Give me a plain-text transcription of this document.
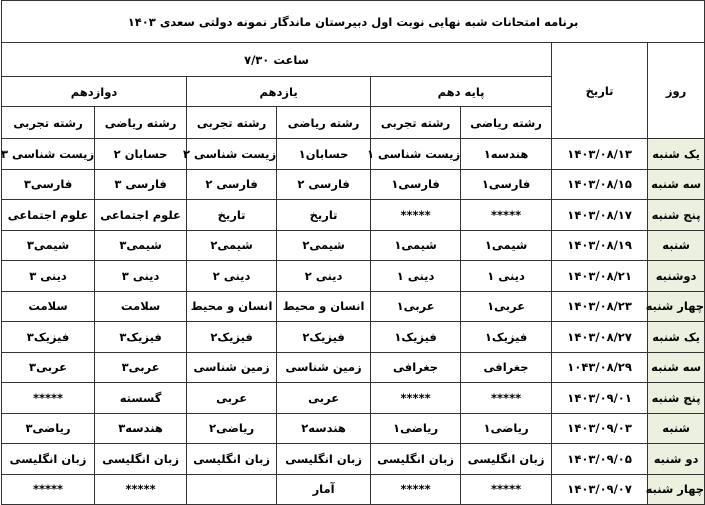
برنامه امتحانات شبه نهایی نوبت اول دبیرستان ماندگار نمونه دولتی سعدی ۱۴۰۳							
روز	تاریخ	ساعت ۷/۳۰					
		پایه دهم		یازدهم		دوازدهم	
		رشته ریاضی	رشته تجربی	رشته ریاضی	رشته تجربی	رشته ریاضی	رشته تجربی
یک شنبه	۱۴۰۳/۰۸/۱۳	هندسه۱	زیست شناسی ۱	حسابان۱	زیست شناسی ۲	حسابان ۲	زیست شناسی ۳
سه شنبه	۱۴۰۳/۰۸/۱۵	فارسی۱	فارسی۱	فارسی ۲	فارسی ۲	فارسی ۳	فارسی۳
پنج شنبه	۱۴۰۳/۰۸/۱۷	*****	*****	تاریخ	تاریخ	علوم اجتماعی	علوم اجتماعی
شنبه	۱۴۰۳/۰۸/۱۹	شیمی۱	شیمی۱	شیمی۲	شیمی۲	شیمی۳	شیمی۳
دوشنبه	۱۴۰۳/۰۸/۲۱	دینی ۱	دینی ۱	دینی ۲	دینی ۲	دینی ۳	دینی ۳
چهار شنبه	۱۴۰۳/۰۸/۲۳	عربی۱	عربی۱	انسان و محیط	انسان و محیط	سلامت	سلامت
یک شنبه	۱۴۰۳/۰۸/۲۷	فیزیک۱	فیزیک۱	فیزیک۲	فیزیک۲	فیزیک۳	فیزیک۳
سه شنبه	۱۰۴۳/۰۸/۲۹	جغرافی	جغرافی	زمین شناسی	زمین شناسی	عربی۳	عربی۳
پنج شنبه	۱۴۰۳/۰۹/۰۱	*****	*****	عربی	عربی	گسسته	*****
شنبه	۱۴۰۳/۰۹/۰۳	ریاضی۱	ریاضی۱	هندسه۲	ریاضی۲	هندسه۳	ریاضی۳
دو شنبه	۱۴۰۳/۰۹/۰۵	زبان انگلیسی	زبان انگلیسی	زبان انگلیسی	زبان انگلیسی	زبان انگلیسی	زبان انگلیسی
چهار شنبه	۱۴۰۳/۰۹/۰۷	*****	*****	آمار		*****	*****
